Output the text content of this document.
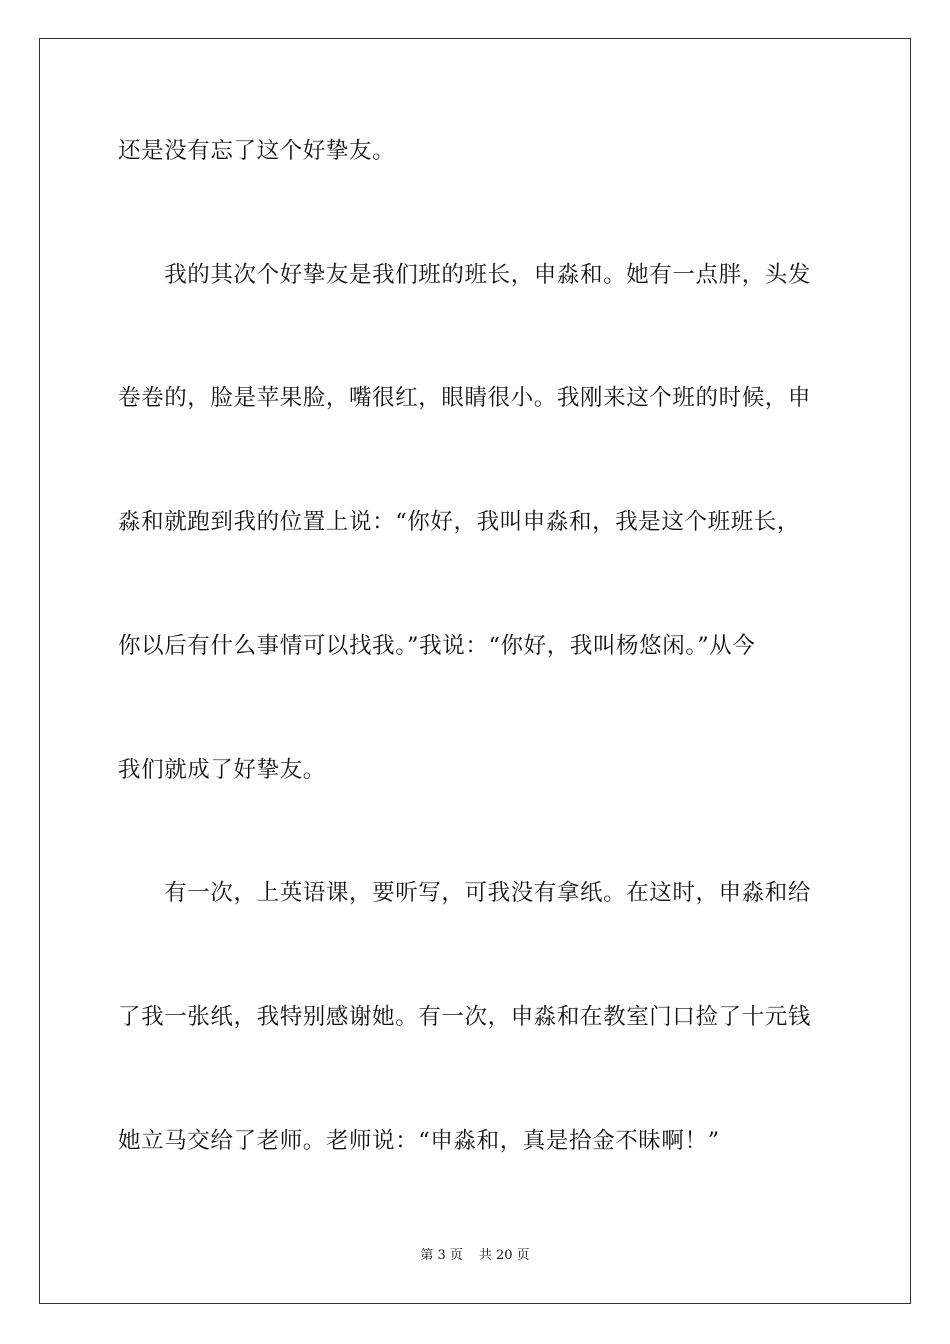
还是没有忘了这个好挚友。
　　我的其次个好挚友是我们班的班长，申淼和。她有一点胖，头发
卷卷的，脸是苹果脸，嘴很红，眼睛很小。我刚来这个班的时候，申
淼和就跑到我的位置上说：“你好，我叫申淼和，我是这个班班长，
你以后有什么事情可以找我。”我说：“你好，我叫杨悠闲。”从今
我们就成了好挚友。
　　有一次，上英语课，要听写，可我没有拿纸。在这时，申淼和给
了我一张纸，我特别感谢她。有一次，申淼和在教室门口捡了十元钱
她立马交给了老师。老师说：“申淼和，真是拾金不昧啊！”
第 3 页 共 20 页
